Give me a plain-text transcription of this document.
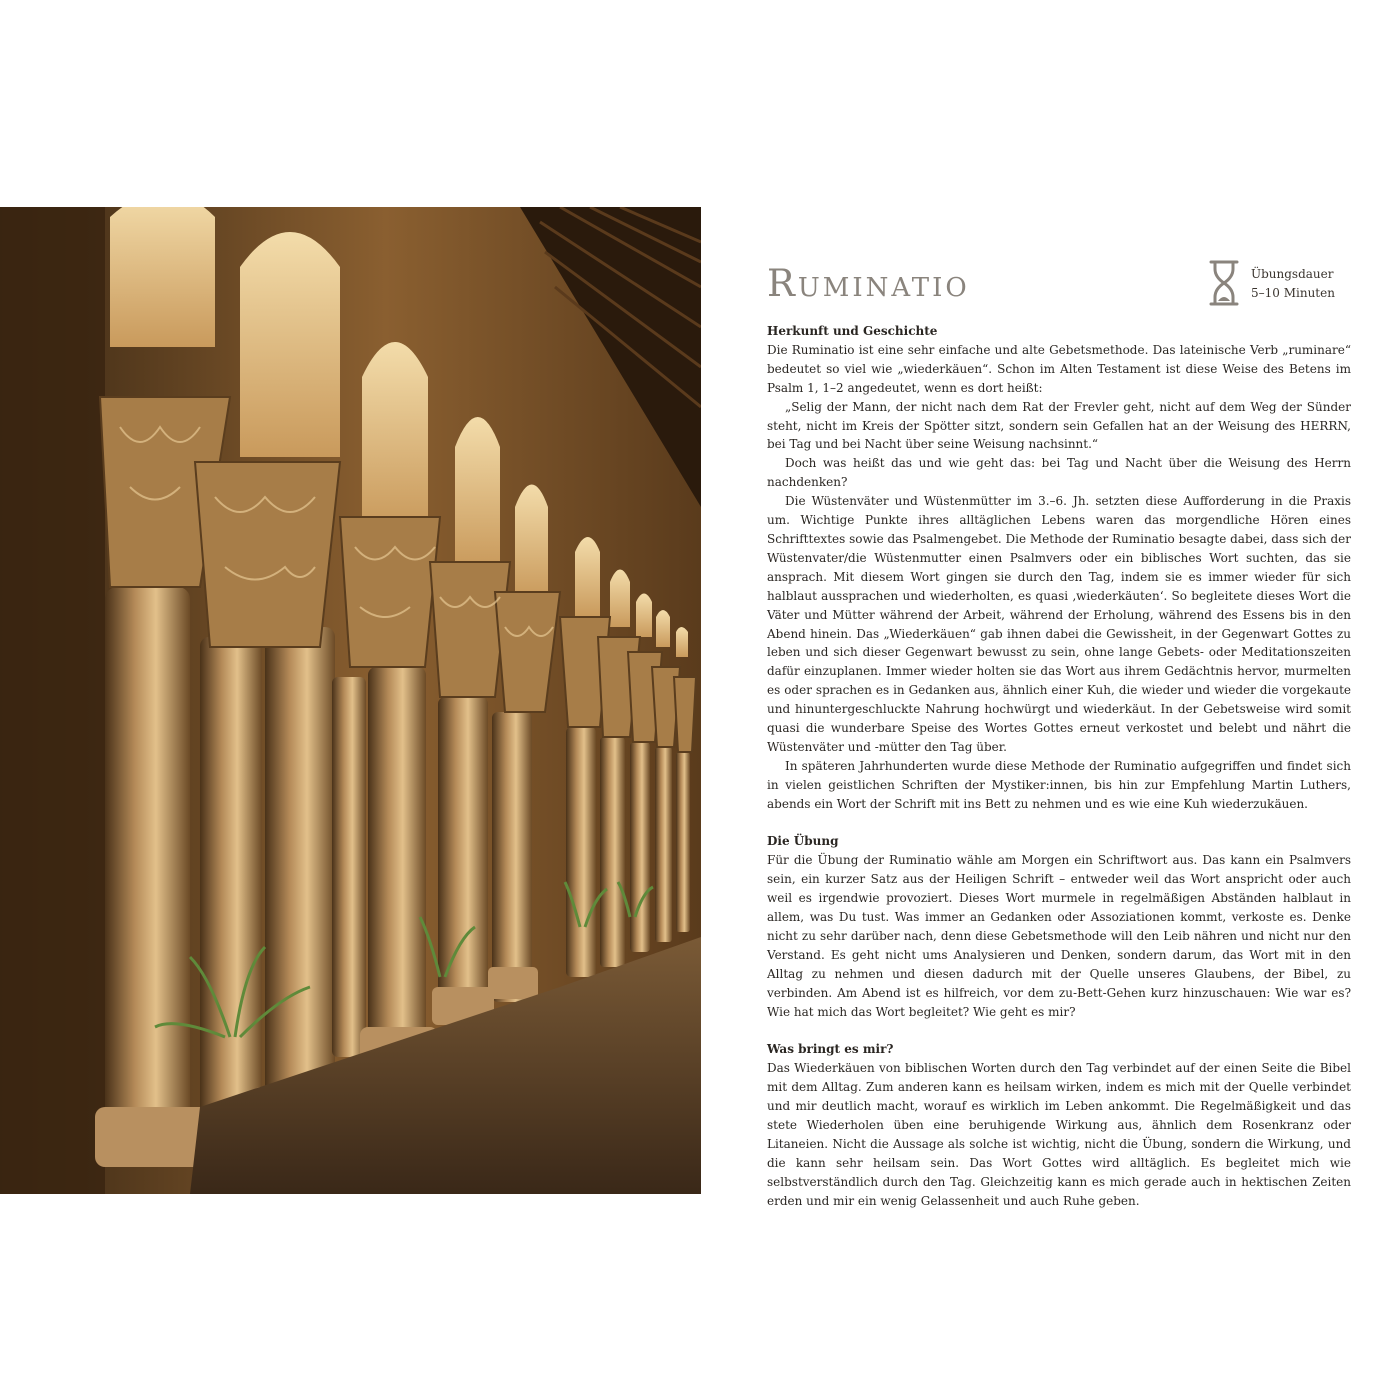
Ruminatio	Übungsdauer
5–10 Minuten
Herkunft und Geschichte

Die Ruminatio ist eine sehr einfache und alte Gebetsmethode. Das lateinische Verb „ruminare“ bedeutet so viel wie „wiederkäuen“. Schon im Alten Testament ist diese Weise des Betens im Psalm 1, 1–2 angedeutet, wenn es dort heißt:

„Selig der Mann, der nicht nach dem Rat der Frevler geht, nicht auf dem Weg der Sünder steht, nicht im Kreis der Spötter sitzt, sondern sein Gefallen hat an der Weisung des HERRN, bei Tag und bei Nacht über seine Weisung nachsinnt.“

Doch was heißt das und wie geht das: bei Tag und Nacht über die Weisung des Herrn nachdenken?

Die Wüstenväter und Wüstenmütter im 3.–6. Jh. setzten diese Aufforderung in die Praxis um. Wichtige Punkte ihres alltäglichen Lebens waren das morgendliche Hören eines Schrifttextes sowie das Psalmengebet. Die Methode der Ruminatio besagte dabei, dass sich der Wüstenvater/die Wüstenmutter einen Psalmvers oder ein biblisches Wort suchten, das sie ansprach. Mit diesem Wort gingen sie durch den Tag, indem sie es immer wieder für sich halblaut aussprachen und wiederholten, es quasi ‚wiederkäuten‘. So begleitete dieses Wort die Väter und Mütter während der Arbeit, während der Erholung, während des Essens bis in den Abend hinein. Das „Wiederkäuen“ gab ihnen dabei die Gewissheit, in der Gegenwart Gottes zu leben und sich dieser Gegenwart bewusst zu sein, ohne lange Gebets- oder Meditationszeiten dafür einzuplanen. Immer wieder holten sie das Wort aus ihrem Gedächtnis hervor, murmelten es oder sprachen es in Gedanken aus, ähnlich einer Kuh, die wieder und wieder die vorgekaute und hinuntergeschluckte Nahrung hochwürgt und wiederkäut. In der Gebetsweise wird somit quasi die wunderbare Speise des Wortes Gottes erneut verkostet und belebt und nährt die Wüstenväter und -mütter den Tag über.

In späteren Jahrhunderten wurde diese Methode der Ruminatio aufgegriffen und findet sich in vielen geistlichen Schriften der Mystiker:innen, bis hin zur Empfehlung Martin Luthers, abends ein Wort der Schrift mit ins Bett zu nehmen und es wie eine Kuh wiederzukäuen.

Die Übung

Für die Übung der Ruminatio wähle am Morgen ein Schriftwort aus. Das kann ein Psalmvers sein, ein kurzer Satz aus der Heiligen Schrift – entweder weil das Wort anspricht oder auch weil es irgendwie provoziert. Dieses Wort murmele in regelmäßigen Abständen halblaut in allem, was Du tust. Was immer an Gedanken oder Assoziationen kommt, verkoste es. Denke nicht zu sehr darüber nach, denn diese Gebetsmethode will den Leib nähren und nicht nur den Verstand. Es geht nicht ums Analysieren und Denken, sondern darum, das Wort mit in den Alltag zu nehmen und diesen dadurch mit der Quelle unseres Glaubens, der Bibel, zu verbinden. Am Abend ist es hilfreich, vor dem zu-Bett-Gehen kurz hinzuschauen: Wie war es? Wie hat mich das Wort begleitet? Wie geht es mir?

Was bringt es mir?

Das Wiederkäuen von biblischen Worten durch den Tag verbindet auf der einen Seite die Bibel mit dem Alltag. Zum anderen kann es heilsam wirken, indem es mich mit der Quelle verbindet und mir deutlich macht, worauf es wirklich im Leben ankommt. Die Regelmäßigkeit und das stete Wiederholen üben eine beruhigende Wirkung aus, ähnlich dem Rosenkranz oder Litaneien. Nicht die Aussage als solche ist wichtig, nicht die Übung, sondern die Wirkung, und die kann sehr heilsam sein. Das Wort Gottes wird alltäglich. Es begleitet mich wie selbstverständlich durch den Tag. Gleichzeitig kann es mich gerade auch in hektischen Zeiten erden und mir ein wenig Gelassenheit und auch Ruhe geben.
